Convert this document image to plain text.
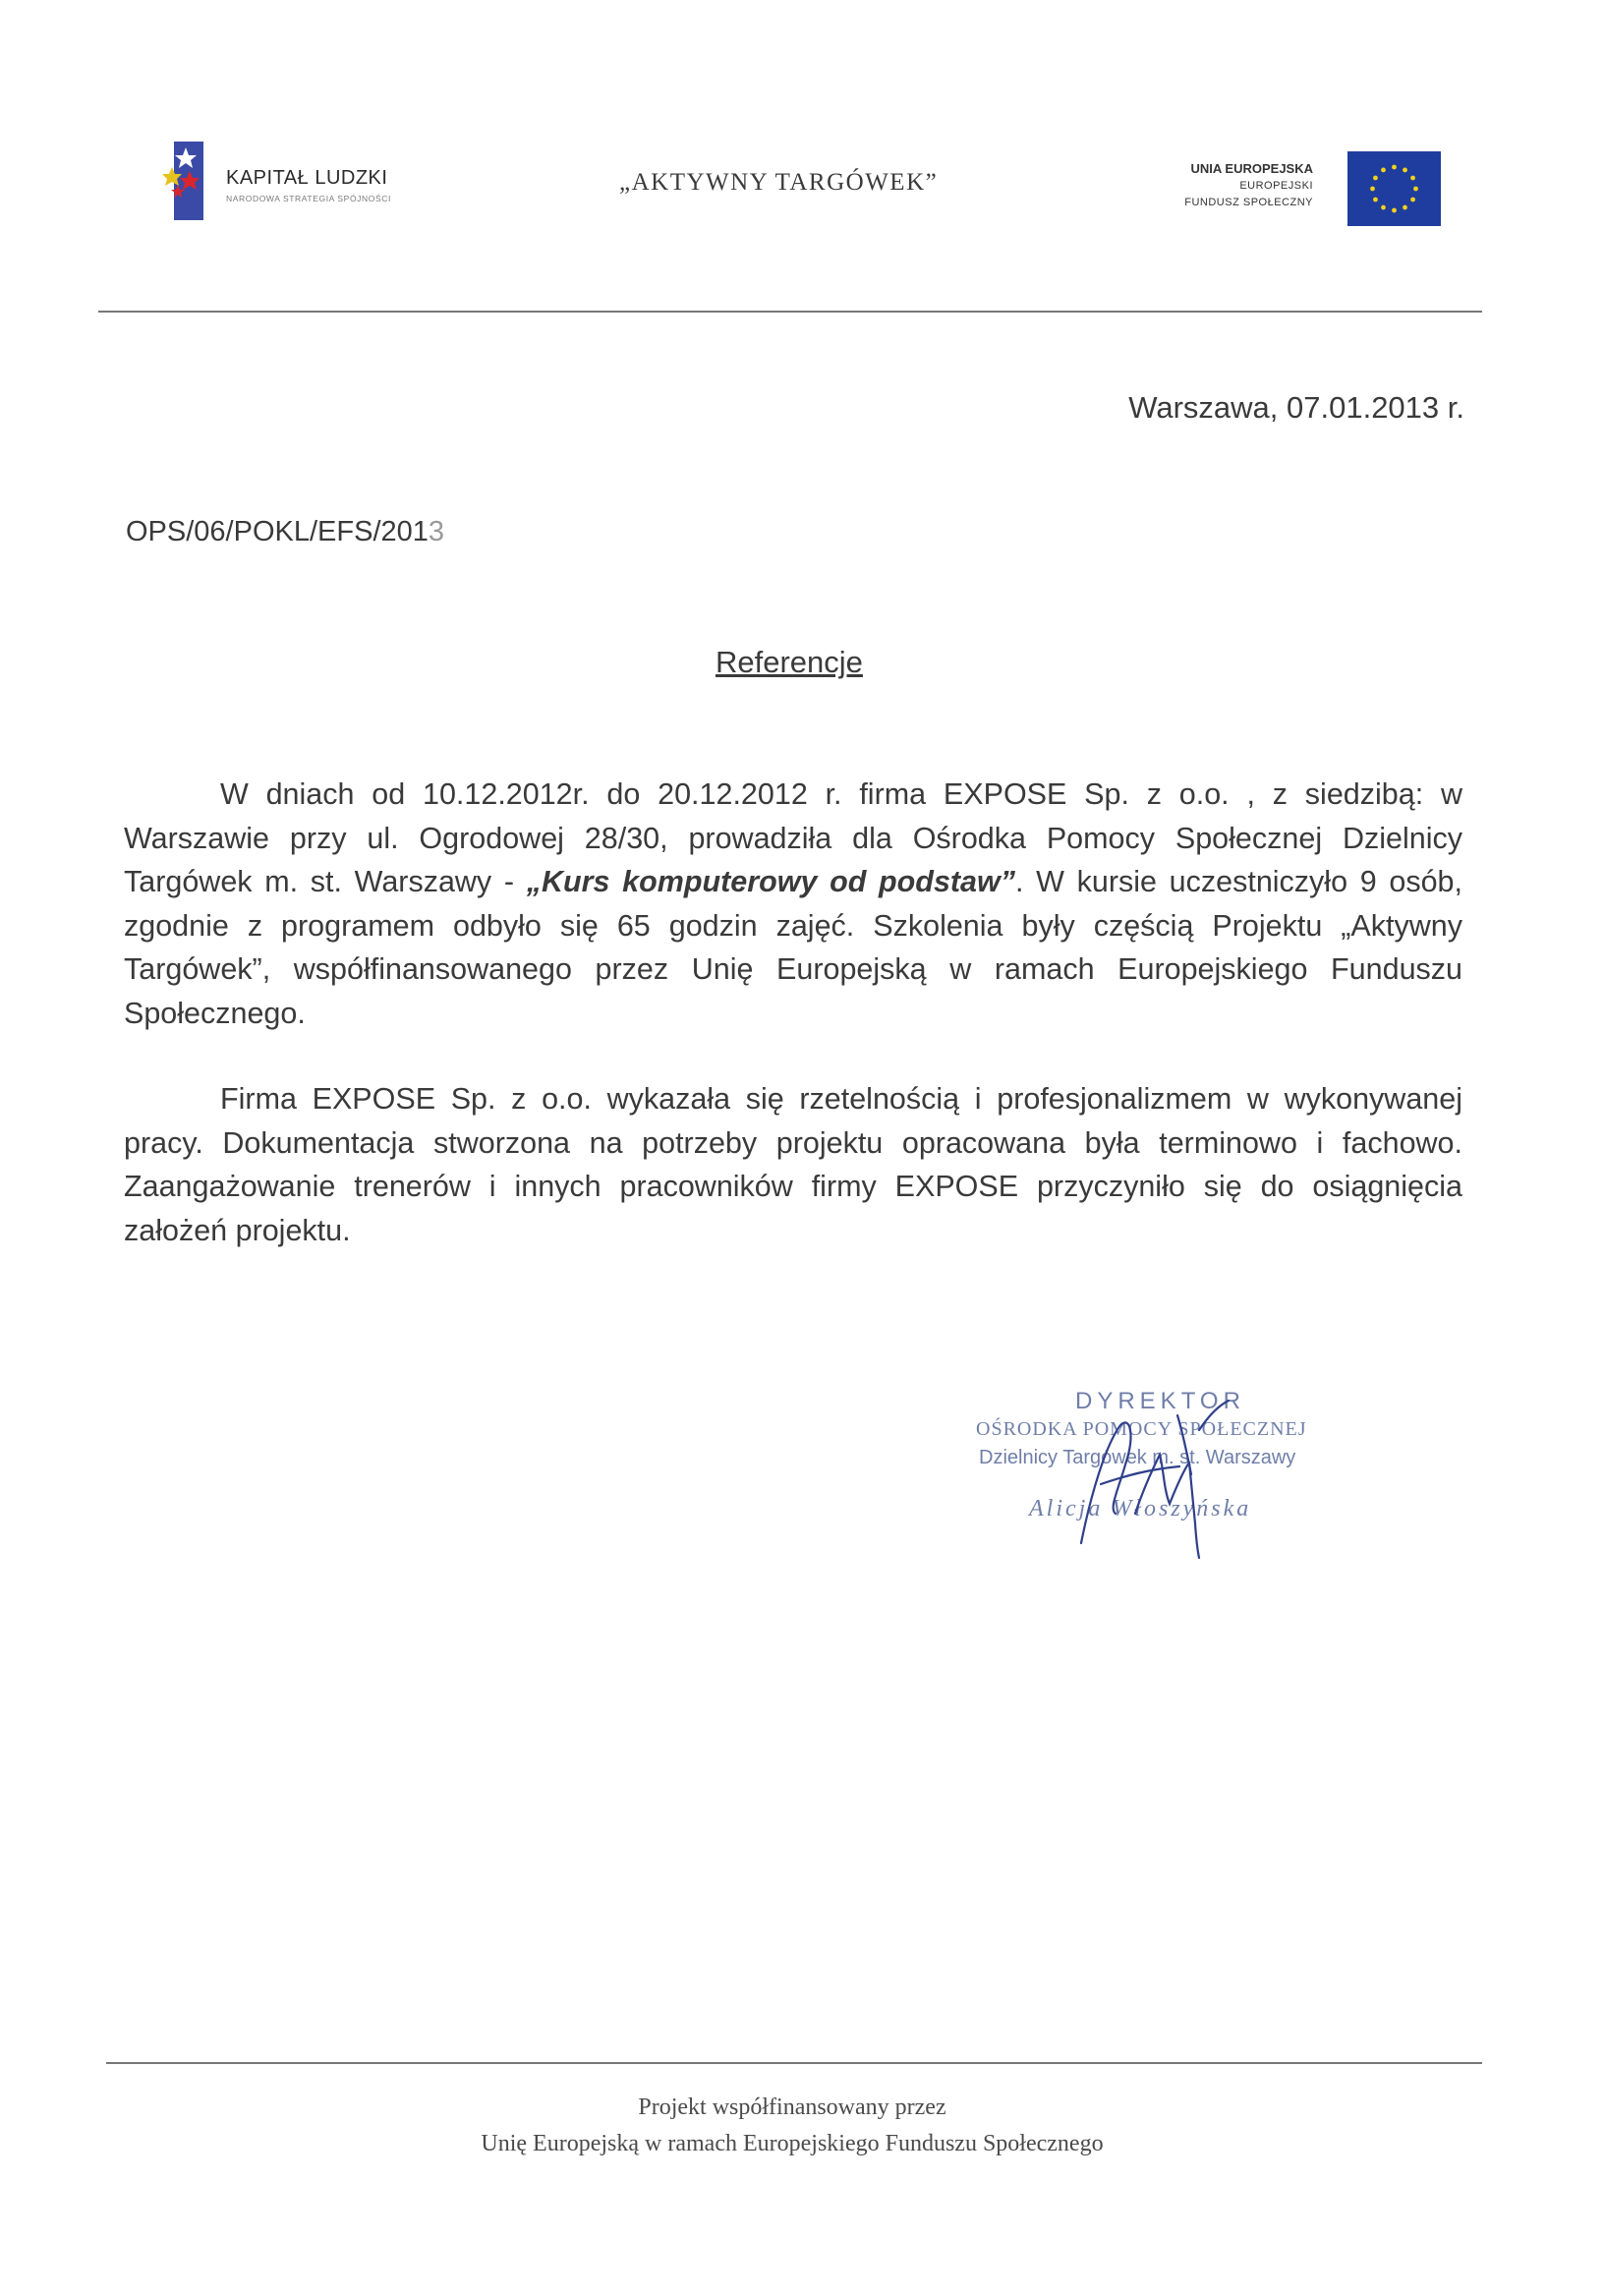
KAPITAŁ LUDZKI
NARODOWA STRATEGIA SPÓJNOŚCI
„AKTYWNY TARGÓWEK”
UNIA EUROPEJSKA
EUROPEJSKI
FUNDUSZ SPOŁECZNY
Warszawa, 07.01.2013 r.
OPS/06/POKL/EFS/2013
Referencje
W dniach od 10.12.2012r. do 20.12.2012 r. firma EXPOSE Sp. z o.o. , z siedzibą: w Warszawie przy ul. Ogrodowej 28/30, prowadziła dla Ośrodka Pomocy Społecznej Dzielnicy Targówek m. st. Warszawy - „Kurs komputerowy od podstaw”. W kursie uczestniczyło 9 osób, zgodnie z programem odbyło się 65 godzin zajęć. Szkolenia były częścią Projektu „Aktywny Targówek”, współfinansowanego przez Unię Europejską w ramach Europejskiego Funduszu Społecznego.
Firma EXPOSE Sp. z o.o. wykazała się rzetelnością i profesjonalizmem w wykonywanej pracy. Dokumentacja stworzona na potrzeby projektu opracowana była terminowo i fachowo. Zaangażowanie trenerów i innych pracowników firmy EXPOSE przyczyniło się do osiągnięcia założeń projektu.
DYREKTOR
OŚRODKA POMOCY SPOŁECZNEJ
Dzielnicy Targówek m. st. Warszawy
Alicja Włoszyńska
Projekt współfinansowany przez
Unię Europejską w ramach Europejskiego Funduszu Społecznego
